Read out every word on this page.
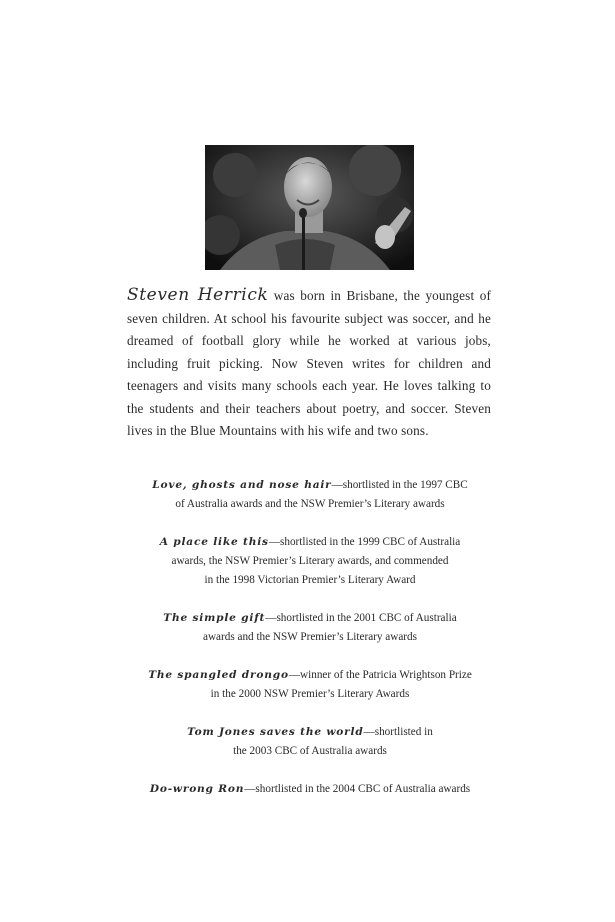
Steven Herrick was born in Brisbane, the youngest of seven children. At school his favourite subject was soccer, and he dreamed of football glory while he worked at various jobs, including fruit picking. Now Steven writes for children and teenagers and visits many schools each year. He loves talking to the students and their teachers about poetry, and soccer. Steven lives in the Blue Mountains with his wife and two sons.
Love, ghosts and nose hair—shortlisted in the 1997 CBC
of Australia awards and the NSW Premier’s Literary awards
A place like this—shortlisted in the 1999 CBC of Australia
awards, the NSW Premier’s Literary awards, and commended
in the 1998 Victorian Premier’s Literary Award
The simple gift—shortlisted in the 2001 CBC of Australia
awards and the NSW Premier’s Literary awards
The spangled drongo—winner of the Patricia Wrightson Prize
in the 2000 NSW Premier’s Literary Awards
Tom Jones saves the world—shortlisted in
the 2003 CBC of Australia awards
Do-wrong Ron—shortlisted in the 2004 CBC of Australia awards
